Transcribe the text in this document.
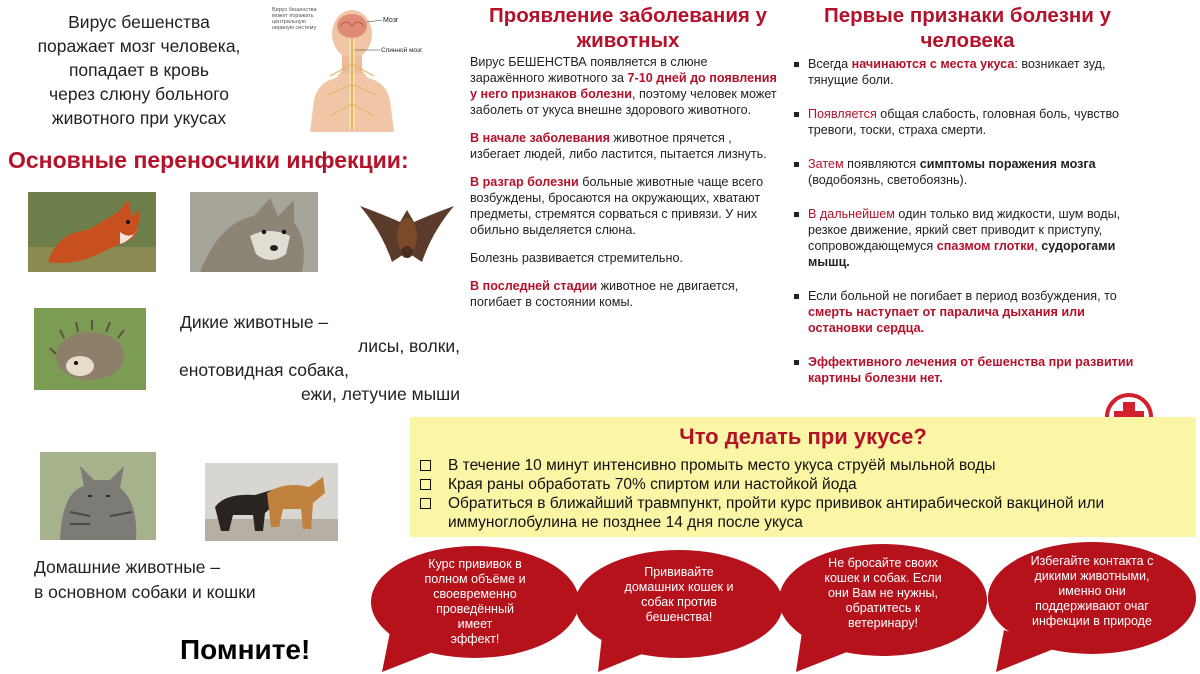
Вирус бешенства
поражает мозг человека,
попадает в кровь
через слюну больного
животного при укусах
Вирус бешенства
может поражать
центральную
нервную систему
Мозг
Спинной мозг
Основные переносчики инфекции:
Дикие животные –
лисы, волки,
енотовидная собака,
ежи, летучие мыши
Домашние животные –
в основном собаки и кошки
Помните!
Проявление заболевания у животных

Вирус БЕШЕНСТВА появляется в слюне заражённого животного за 7-10 дней до появления у него признаков болезни, поэтому человек может заболеть от укуса внешне здорового животного.

В начале заболевания животное прячется , избегает людей, либо ластится, пытается лизнуть.

В разгар болезни больные животные чаще всего возбуждены, бросаются на окружающих, хватают предметы, стремятся сорваться с привязи. У них обильно выделяется слюна.

Болезнь развивается стремительно.

В последней стадии животное не двигается, погибает в состоянии комы.

Первые признаки болезни у человека
Всегда начинаются с места укуса: возникает зуд, тянущие боли.
Появляется общая слабость, головная боль, чувство тревоги, тоски, страха смерти.
Затем появляются симптомы поражения мозга (водобоязнь, светобоязнь).
В дальнейшем один только вид жидкости, шум воды, резкое движение, яркий свет приводит к приступу, сопровождающемуся спазмом глотки, судорогами мышц.
Если больной не погибает в период возбуждения, то смерть наступает от паралича дыхания или остановки сердца.
Эффективного лечения от бешенства при развитии картины болезни нет.
Что делать при укусе?
В течение 10 минут интенсивно промыть место укуса струёй мыльной воды
Края раны обработать 70% спиртом или настойкой йода
Обратиться в ближайший травмпункт, пройти курс прививок антирабической вакциной или иммуноглобулина не позднее 14 дня после укуса
Курс прививок в
полном объёме и
своевременно
проведённый имеет
эффект!
Прививайте
домашних кошек и
собак против
бешенства!
Не бросайте своих
кошек и собак. Если
они Вам не нужны,
обратитесь к
ветеринару!
Избегайте контакта с
дикими животными,
именно они
поддерживают очаг
инфекции в природе
